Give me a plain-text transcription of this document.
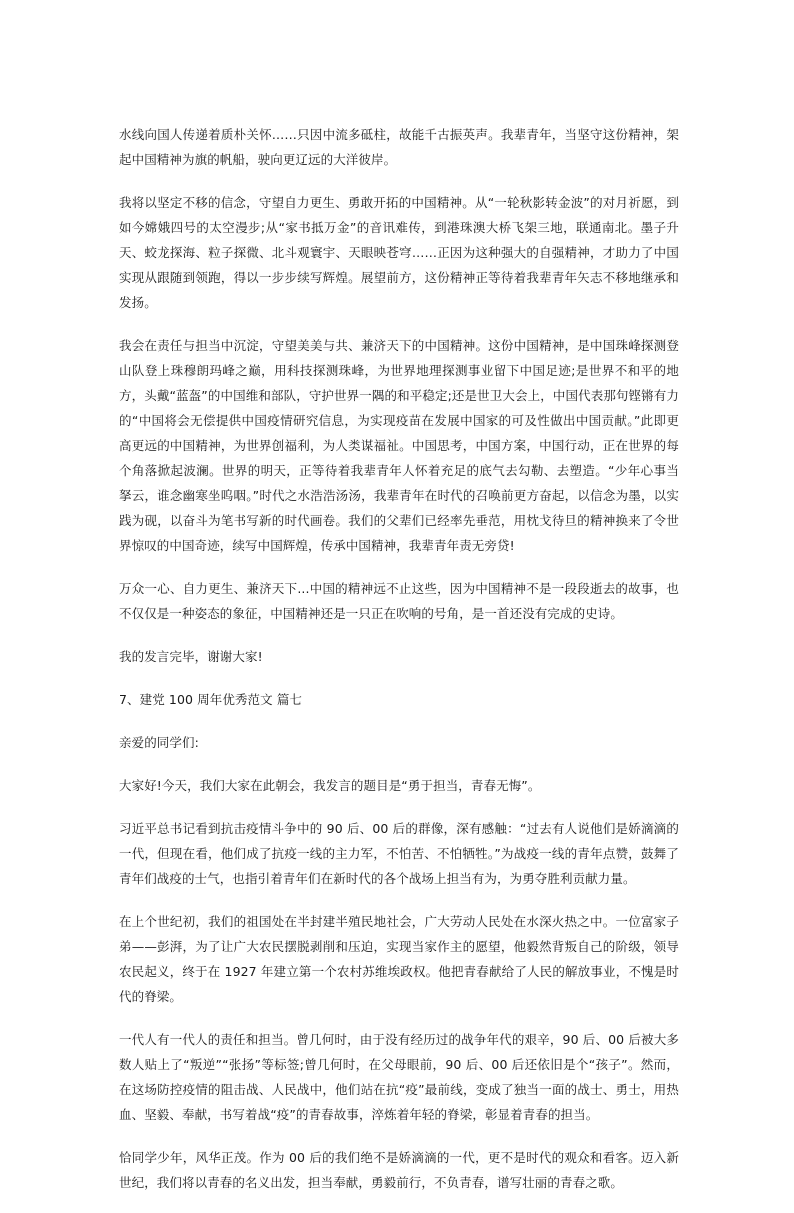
水线向国人传递着质朴关怀……只因中流多砥柱，故能千古振英声。我辈青年，当坚守这份精神，架起中国精神为旗的帆船，驶向更辽远的大洋彼岸。

我将以坚定不移的信念，守望自力更生、勇敢开拓的中国精神。从“一轮秋影转金波”的对月祈愿，到如今嫦娥四号的太空漫步;从“家书抵万金”的音讯难传，到港珠澳大桥飞架三地，联通南北。墨子升天、蛟龙探海、粒子探微、北斗观寰宇、天眼映苍穹……正因为这种强大的自强精神，才助力了中国实现从跟随到领跑，得以一步步续写辉煌。展望前方，这份精神正等待着我辈青年矢志不移地继承和发扬。

我会在责任与担当中沉淀，守望美美与共、兼济天下的中国精神。这份中国精神，是中国珠峰探测登山队登上珠穆朗玛峰之巅，用科技探测珠峰，为世界地理探测事业留下中国足迹;是世界不和平的地方，头戴“蓝盔”的中国维和部队，守护世界一隅的和平稳定;还是世卫大会上，中国代表那句铿锵有力的“中国将会无偿提供中国疫情研究信息，为实现疫苗在发展中国家的可及性做出中国贡献。”此即更高更远的中国精神，为世界创福利，为人类谋福祉。中国思考，中国方案，中国行动，正在世界的每个角落掀起波澜。世界的明天，正等待着我辈青年人怀着充足的底气去勾勒、去塑造。“少年心事当拏云，谁念幽寒坐呜咽。”时代之水浩浩汤汤，我辈青年在时代的召唤前更方奋起，以信念为墨，以实践为砚，以奋斗为笔书写新的时代画卷。我们的父辈们已经率先垂范，用枕戈待旦的精神换来了令世界惊叹的中国奇迹，续写中国辉煌，传承中国精神，我辈青年责无旁贷!

万众一心、自力更生、兼济天下...中国的精神远不止这些，因为中国精神不是一段段逝去的故事，也不仅仅是一种姿态的象征，中国精神还是一只正在吹响的号角，是一首还没有完成的史诗。

我的发言完毕，谢谢大家!

7、建党 100 周年优秀范文 篇七

亲爱的同学们:

大家好!今天，我们大家在此朝会，我发言的题目是“勇于担当，青春无悔”。

习近平总书记看到抗击疫情斗争中的 90 后、00 后的群像，深有感触：“过去有人说他们是娇滴滴的一代，但现在看，他们成了抗疫一线的主力军，不怕苦、不怕牺牲。”为战疫一线的青年点赞，鼓舞了青年们战疫的士气，也指引着青年们在新时代的各个战场上担当有为，为勇夺胜利贡献力量。

在上个世纪初，我们的祖国处在半封建半殖民地社会，广大劳动人民处在水深火热之中。一位富家子弟——彭湃，为了让广大农民摆脱剥削和压迫，实现当家作主的愿望，他毅然背叛自己的阶级，领导农民起义，终于在 1927 年建立第一个农村苏维埃政权。他把青春献给了人民的解放事业，不愧是时代的脊梁。

一代人有一代人的责任和担当。曾几何时，由于没有经历过的战争年代的艰辛，90 后、00 后被大多数人贴上了“叛逆”“张扬”等标签;曾几何时，在父母眼前，90 后、00 后还依旧是个“孩子”。然而，在这场防控疫情的阻击战、人民战中，他们站在抗“疫”最前线，变成了独当一面的战士、勇士，用热血、坚毅、奉献，书写着战“疫”的青春故事，淬炼着年轻的脊梁，彰显着青春的担当。

恰同学少年，风华正茂。作为 00 后的我们绝不是娇滴滴的一代，更不是时代的观众和看客。迈入新世纪，我们将以青春的名义出发，担当奉献，勇毅前行，不负青春，谱写壮丽的青春之歌。
